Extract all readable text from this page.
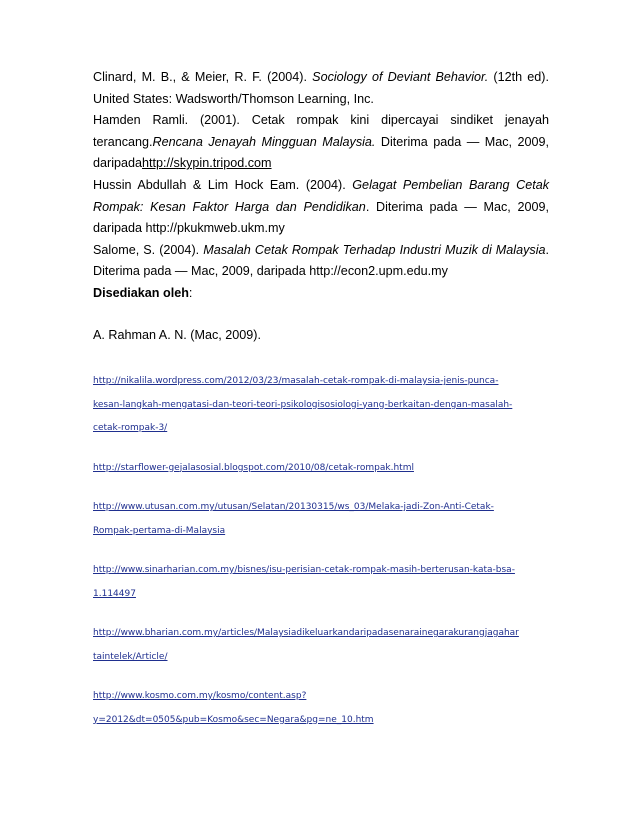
Clinard, M. B., & Meier, R. F. (2004). Sociology of Deviant Behavior. (12th ed). United States: Wadsworth/Thomson Learning, Inc.
Hamden Ramli. (2001). Cetak rompak kini dipercayai sindiket jenayah terancang.Rencana Jenayah Mingguan Malaysia. Diterima pada — Mac, 2009, daripadahttp://skypin.tripod.com
Hussin Abdullah & Lim Hock Eam. (2004). Gelagat Pembelian Barang Cetak Rompak: Kesan Faktor Harga dan Pendidikan. Diterima pada — Mac, 2009, daripada http://pkukmweb.ukm.my
Salome, S. (2004). Masalah Cetak Rompak Terhadap Industri Muzik di Malaysia. Diterima pada — Mac, 2009, daripada http://econ2.upm.edu.my
Disediakan oleh:
A. Rahman A. N. (Mac, 2009).
http://nikalila.wordpress.com/2012/03/23/masalah-cetak-rompak-di-malaysia-jenis-punca-
kesan-langkah-mengatasi-dan-teori-teori-psikologisosiologi-yang-berkaitan-dengan-masalah-
cetak-rompak-3/
http://starflower-gejalasosial.blogspot.com/2010/08/cetak-rompak.html
http://www.utusan.com.my/utusan/Selatan/20130315/ws_03/Melaka-jadi-Zon-Anti-Cetak-
Rompak-pertama-di-Malaysia
http://www.sinarharian.com.my/bisnes/isu-perisian-cetak-rompak-masih-berterusan-kata-bsa-
1.114497
http://www.bharian.com.my/articles/Malaysiadikeluarkandaripadasenarainegarakurangjagahar
taintelek/Article/
http://www.kosmo.com.my/kosmo/content.asp?
y=2012&dt=0505&pub=Kosmo&sec=Negara&pg=ne_10.htm
